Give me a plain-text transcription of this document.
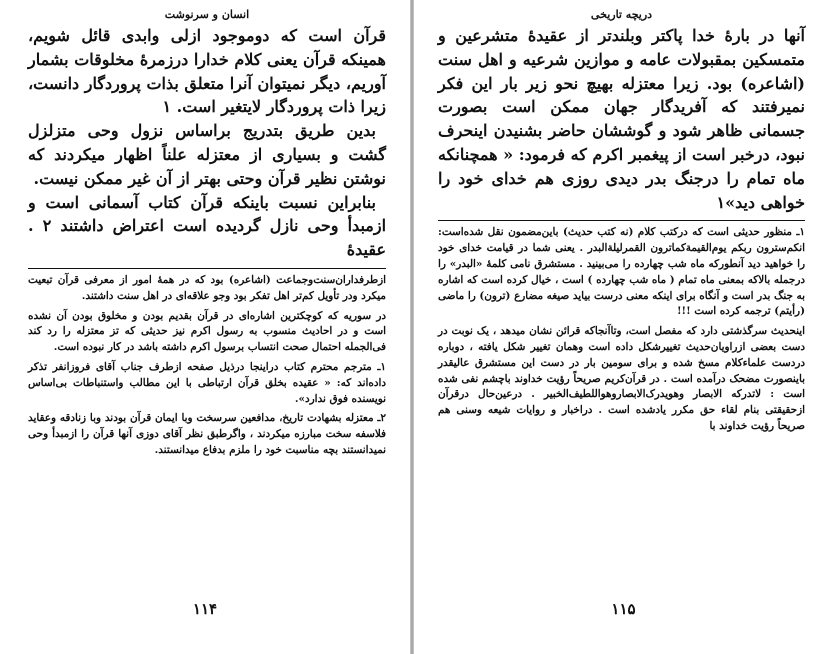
انسان و سرنوشت

قرآن است که دوموجود ازلی وابدی قائل شویم، همینکه قرآن یعنی کلام خدارا درزمرهٔ مخلوقات بشمار آوریم، دیگر نمیتوان آنرا متعلق بذات پروردگار دانست، زیرا ذات پروردگار لایتغیر است. ۱

بدین طریق بتدریج براساس نزول وحی متزلزل گشت و بسیاری از معتزله علناً اظهار میکردند که نوشتن نظیر قرآن وحتی بهتر از آن غیر ممکن نیست.

بنابراین نسبت باینکه قرآن کتاب آسمانی است و ازمبدأ وحی نازل گردیده است اعتراض داشتند ۲ . عقیدهٔ

ازطرفداران‌سنت‌وجماعت (اشاعره) بود که در همهٔ امور از معرفی قرآن تبعیت میکرد ودر تأویل کم‌تر اهل تفکر بود وجو علاقه‌ای در اهل سنت داشتند.

در سوریه که کوچکترین اشاره‌ای در قرآن بقدیم بودن و مخلوق بودن آن نشده است و در احادیث منسوب به رسول اکرم نیز حدیثی که تز معتزله را رد کند فی‌الجمله احتمال صحت انتساب برسول اکرم داشته باشد در کار نبوده است.

۱ـ مترجم محترم کتاب دراینجا درذیل صفحه ازطرف جناب آقای فروزانفر تذکر داده‌اند که: « عقیده بخلق قرآن ارتباطی با این مطالب واستنباطات بی‌اساس نویسنده فوق ندارد».

۲ـ معتزله بشهادت تاریخ‌، مدافعین سرسخت وبا ایمان قرآن بودند وبا زنادقه وعقاید فلاسفه سخت مبارزه میکردند ، واگرطبق نظر آقای دوزی آنها قرآن را ازمبدأ وحی نمیدانستند بچه مناسبت خود را ملزم بدفاع میدانستند.

۱۱۴
دریچه تاریخی

آنها در بارهٔ خدا پاکتر وبلندتر از عقیدهٔ متشرعین و متمسکین بمقبولات عامه و موازین شرعیه و اهل سنت (اشاعره) بود. زیرا معتزله بهیچ نحو زیر بار این فکر نمیرفتند که آفریدگار جهان ممکن است بصورت جسمانی ظاهر شود و گوششان حاضر بشنیدن اینحرف نبود، درخبر است از پیغمبر اکرم که فرمود: « همچنانکه ماه تمام را درجنگ بدر دیدی روزی هم خدای خود را خواهی دید»۱

۱ـ منظور حدیثی است که درکتب کلام (نه کتب حدیث) باین‌مضمون نقل شده‌است: انکم‌سترون ربکم یوم‌القیمة‌کماترون القمرلیلة‌البدر . یعنی شما در قیامت خدای خود را خواهید دید آنطورکه ماه شب چهارده را می‌بینید . مستشرق نامی کلمهٔ «البدر» را درجمله بالاکه بمعنی ماه تمام ( ماه شب چهارده ) است ، خیال کرده است که اشاره به جنگ بدر است و آنگاه برای اینکه معنی درست بیاید صیغه مضارع (ترون) را ماضی (رأیتم) ترجمه کرده است !!!

اینحدیث سرگذشتی دارد که مفصل است، وتاآنجاکه قرائن نشان میدهد ، یک نوبت در دست بعضی ازراویان‌حدیث تغییرشکل داده است وهمان تغییر شکل یافته ، دوباره دردست علماءکلام مسخ شده و برای سومین بار در دست این مستشرق عالیقدر باینصورت مضحک درآمده است . در قرآن‌کریم صریحاً رؤیت خداوند باچشم نفی شده است : لاتدرکه الابصار وهویدرک‌الابصاروهواللطیف‌الخبیر . درعین‌حال درقرآن ازحقیقتی بنام لقاء حق مکرر یادشده است . دراخبار و روایات شیعه وسنی هم صریحاً رؤیت خداوند با

۱۱۵
